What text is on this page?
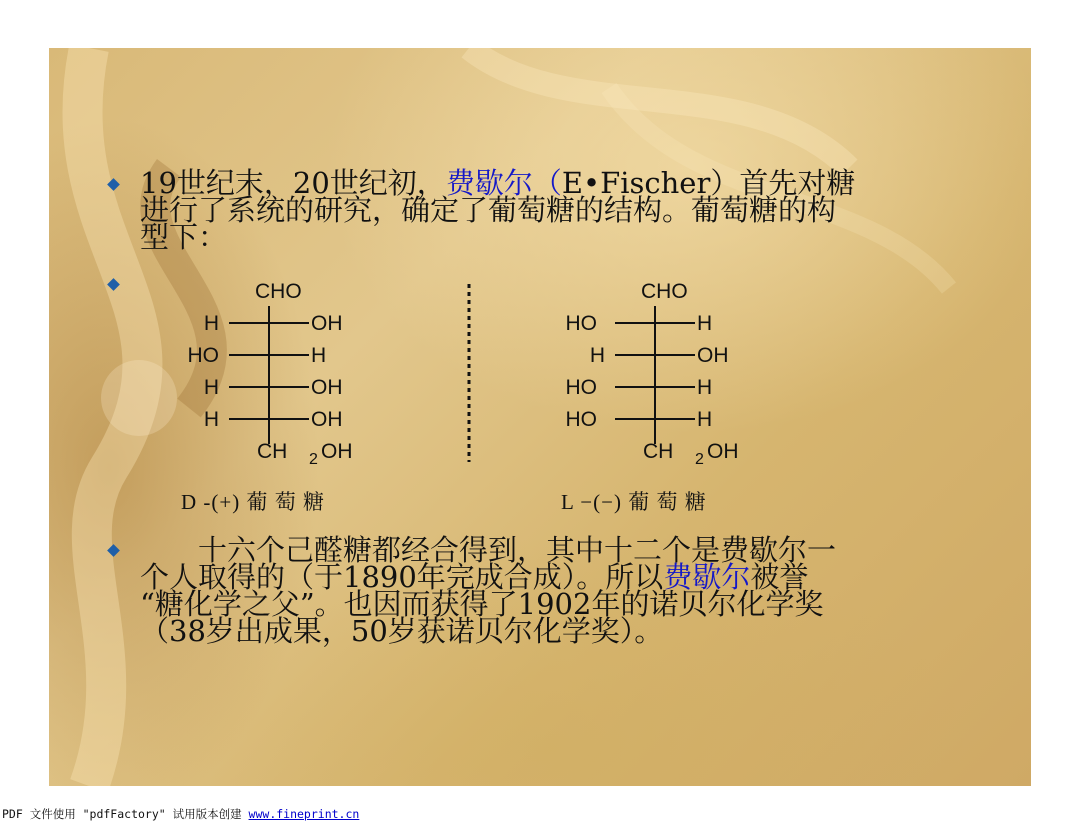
19世纪末，20世纪初，费歇尔（E•Fischer）首先对糖
进行了系统的研究，确定了葡萄糖的结构。葡萄糖的构
型下：
CHO
H	OH
HO	H
H	OH
H	OH
CH 2 OH
CHO
HO	H
H	OH
HO	H
HO	H
CH 2 OH
D -(+) 葡 萄 糖	L −(−) 葡 萄 糖
　　十六个己醛糖都经合得到，其中十二个是费歇尔一
个人取得的（于1890年完成合成）。所以费歇尔被誉
“糖化学之父”。也因而获得了1902年的诺贝尔化学奖
（38岁出成果，50岁获诺贝尔化学奖）。
PDF 文件使用 "pdfFactory" 试用版本创建 www.fineprint.cn
